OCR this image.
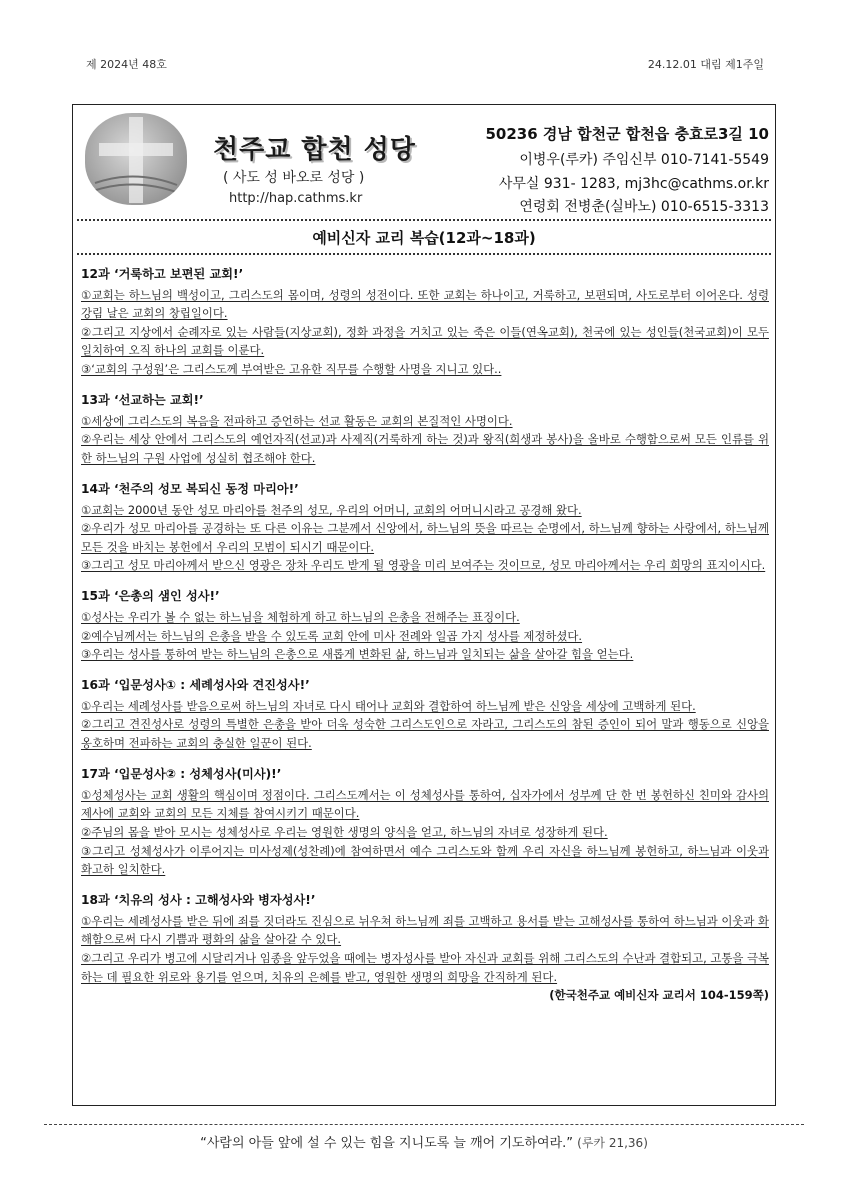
제 2024년 48호	24.12.01 대림 제1주일
천주교 합천 성당
( 사도 성 바오로 성당 )
http://hap.cathms.kr
50236 경남 합천군 합천읍 충효로3길 10
이병우(루카) 주임신부 010-7141-5549
사무실 931- 1283, mj3hc@cathms.or.kr
연령회 전병춘(실바노) 010-6515-3313
예비신자 교리 복습(12과~18과)
12과 ‘거룩하고 보편된 교회!’

①교회는 하느님의 백성이고, 그리스도의 몸이며, 성령의 성전이다. 또한 교회는 하나이고, 거룩하고, 보편되며, 사도로부터 이어온다. 성령강림 날은 교회의 창립일이다.

②그리고 지상에서 순례자로 있는 사람들(지상교회), 정화 과정을 거치고 있는 죽은 이들(연옥교회), 천국에 있는 성인들(천국교회)이 모두 일치하여 오직 하나의 교회를 이룬다.

③‘교회의 구성원’은 그리스도께 부여받은 고유한 직무를 수행할 사명을 지니고 있다..

13과 ‘선교하는 교회!’

①세상에 그리스도의 복음을 전파하고 증언하는 선교 활동은 교회의 본질적인 사명이다.

②우리는 세상 안에서 그리스도의 예언자직(선교)과 사제직(거룩하게 하는 것)과 왕직(희생과 봉사)을 올바로 수행함으로써 모든 인류를 위한 하느님의 구원 사업에 성실히 협조해야 한다.

14과 ‘천주의 성모 복되신 동정 마리아!’

①교회는 2000년 동안 성모 마리아를 천주의 성모, 우리의 어머니, 교회의 어머니시라고 공경해 왔다.

②우리가 성모 마리아를 공경하는 또 다른 이유는 그분께서 신앙에서, 하느님의 뜻을 따르는 순명에서, 하느님께 향하는 사랑에서, 하느님께 모든 것을 바치는 봉헌에서 우리의 모범이 되시기 때문이다.

③그리고 성모 마리아께서 받으신 영광은 장차 우리도 받게 될 영광을 미리 보여주는 것이므로, 성모 마리아께서는 우리 희망의 표지이시다.

15과 ‘은총의 샘인 성사!’

①성사는 우리가 볼 수 없는 하느님을 체험하게 하고 하느님의 은총을 전해주는 표징이다.

②예수님께서는 하느님의 은총을 받을 수 있도록 교회 안에 미사 전례와 일곱 가지 성사를 제정하셨다.

③우리는 성사를 통하여 받는 하느님의 은총으로 새롭게 변화된 삶, 하느님과 일치되는 삶을 살아갈 힘을 얻는다.

16과 ‘입문성사① : 세례성사와 견진성사!’

①우리는 세례성사를 받음으로써 하느님의 자녀로 다시 태어나 교회와 결합하여 하느님께 받은 신앙을 세상에 고백하게 된다.

②그리고 견진성사로 성령의 특별한 은총을 받아 더욱 성숙한 그리스도인으로 자라고, 그리스도의 참된 증인이 되어 말과 행동으로 신앙을 옹호하며 전파하는 교회의 충실한 일꾼이 된다.

17과 ‘입문성사② : 성체성사(미사)!’

①성체성사는 교회 생활의 핵심이며 정점이다. 그리스도께서는 이 성체성사를 통하여, 십자가에서 성부께 단 한 번 봉헌하신 친미와 감사의 제사에 교회와 교회의 모든 지체를 참여시키기 때문이다.

②주님의 몸을 받아 모시는 성체성사로 우리는 영원한 생명의 양식을 얻고, 하느님의 자녀로 성장하게 된다.

③그리고 성체성사가 이루어지는 미사성제(성찬례)에 참여하면서 예수 그리스도와 함께 우리 자신을 하느님께 봉헌하고, 하느님과 이웃과 화고하 일치한다.

18과 ‘치유의 성사 : 고해성사와 병자성사!’

①우리는 세례성사를 받은 뒤에 죄를 짓더라도 진심으로 뉘우쳐 하느님께 죄를 고백하고 용서를 받는 고해성사를 통하여 하느님과 이웃과 화해함으로써 다시 기쁨과 평화의 삶을 살아갈 수 있다.

②그리고 우리가 병고에 시달리거나 임종을 앞두었을 때에는 병자성사를 받아 자신과 교회를 위해 그리스도의 수난과 결합되고, 고통을 극복하는 데 필요한 위로와 용기를 얻으며, 치유의 은혜를 받고, 영원한 생명의 희망을 간직하게 된다.

(한국천주교 예비신자 교리서 104-159쪽)
“사람의 아들 앞에 설 수 있는 힘을 지니도록 늘 깨어 기도하여라.” (루카 21,36)
